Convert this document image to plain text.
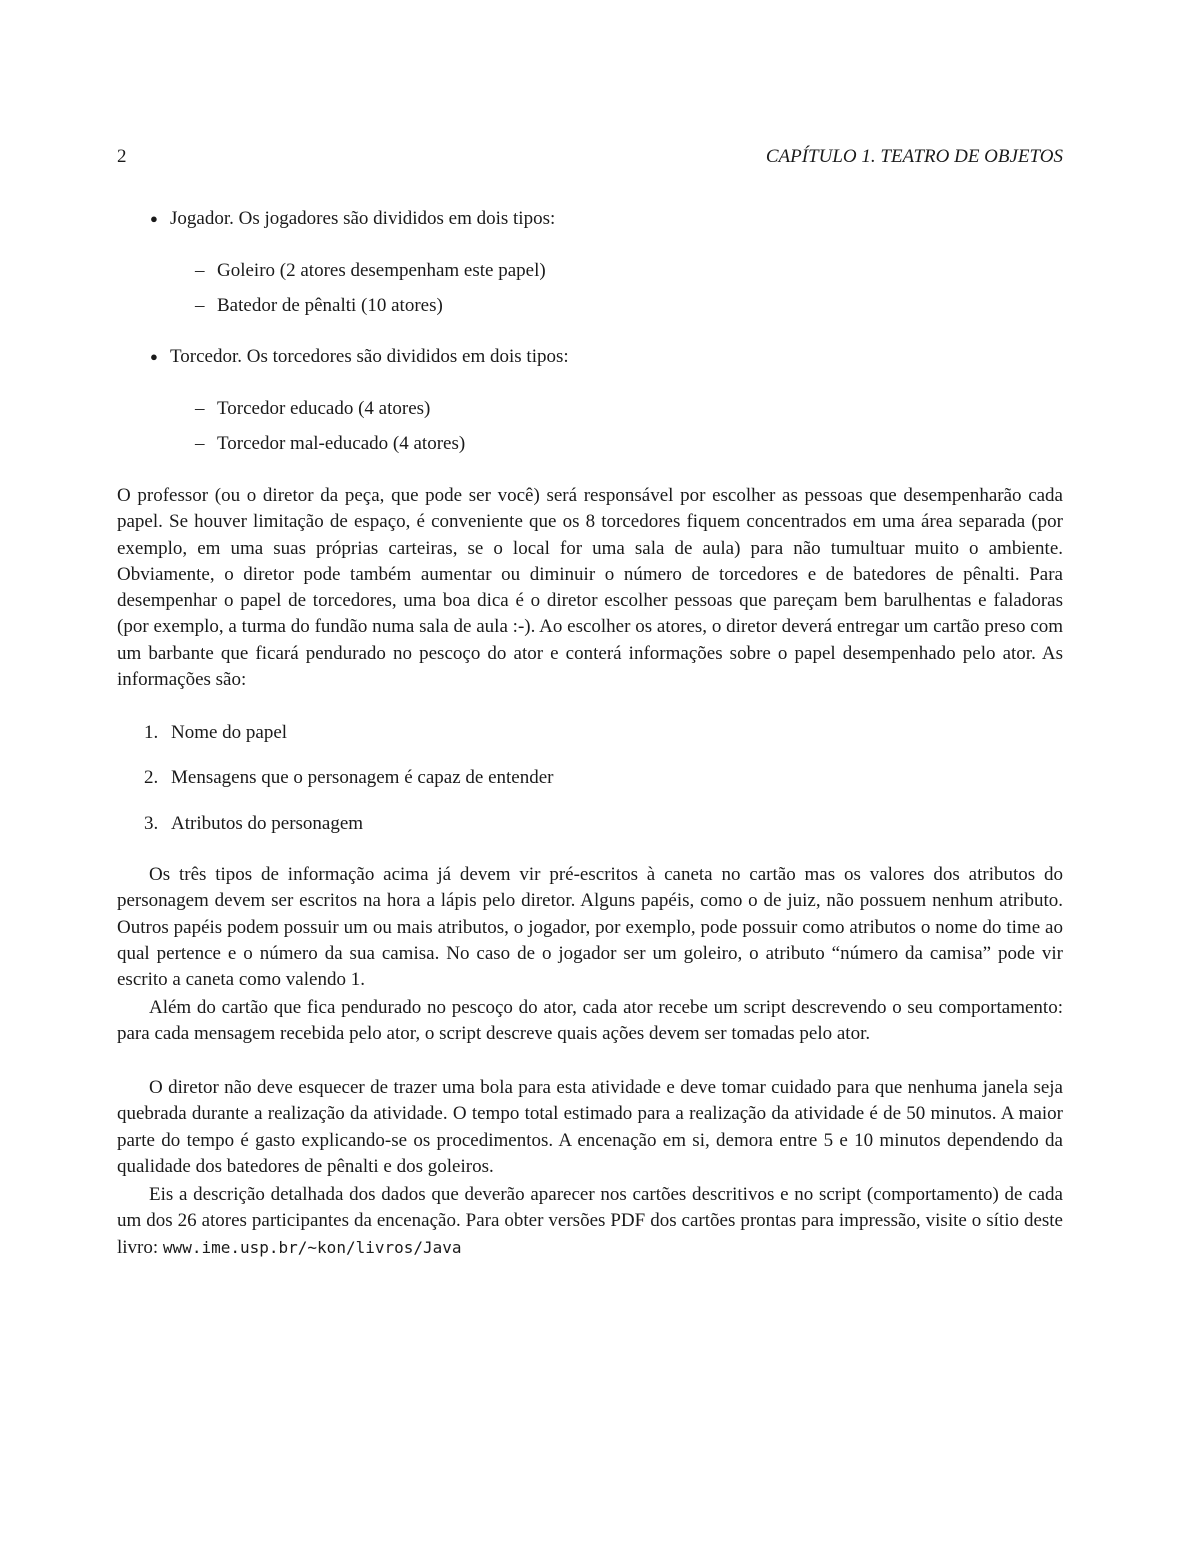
2	CAPÍTULO 1. TEATRO DE OBJETOS
● Jogador. Os jogadores são divididos em dois tipos:
– Goleiro (2 atores desempenham este papel)
– Batedor de pênalti (10 atores)
● Torcedor. Os torcedores são divididos em dois tipos:
– Torcedor educado (4 atores)
– Torcedor mal-educado (4 atores)

O professor (ou o diretor da peça, que pode ser você) será responsável por escolher as pessoas que desempenharão cada papel. Se houver limitação de espaço, é conveniente que os 8 torcedores fiquem concentrados em uma área separada (por exemplo, em uma suas próprias carteiras, se o local for uma sala de aula) para não tumultuar muito o ambiente. Obviamente, o diretor pode também aumentar ou diminuir o número de torcedores e de batedores de pênalti. Para desempenhar o papel de torcedores, uma boa dica é o diretor escolher pessoas que pareçam bem barulhentas e faladoras (por exemplo, a turma do fundão numa sala de aula :-). Ao escolher os atores, o diretor deverá entregar um cartão preso com um barbante que ficará pendurado no pescoço do ator e conterá informações sobre o papel desempenhado pelo ator. As informações são:

1. Nome do papel
2. Mensagens que o personagem é capaz de entender
3. Atributos do personagem

Os três tipos de informação acima já devem vir pré-escritos à caneta no cartão mas os valores dos atributos do personagem devem ser escritos na hora a lápis pelo diretor. Alguns papéis, como o de juiz, não possuem nenhum atributo. Outros papéis podem possuir um ou mais atributos, o jogador, por exemplo, pode possuir como atributos o nome do time ao qual pertence e o número da sua camisa. No caso de o jogador ser um goleiro, o atributo “número da camisa” pode vir escrito a caneta como valendo 1.

Além do cartão que fica pendurado no pescoço do ator, cada ator recebe um script descrevendo o seu comportamento: para cada mensagem recebida pelo ator, o script descreve quais ações devem ser tomadas pelo ator.

O diretor não deve esquecer de trazer uma bola para esta atividade e deve tomar cuidado para que nenhuma janela seja quebrada durante a realização da atividade. O tempo total estimado para a realização da atividade é de 50 minutos. A maior parte do tempo é gasto explicando-se os procedimentos. A encenação em si, demora entre 5 e 10 minutos dependendo da qualidade dos batedores de pênalti e dos goleiros.

Eis a descrição detalhada dos dados que deverão aparecer nos cartões descritivos e no script (comportamento) de cada um dos 26 atores participantes da encenação. Para obter versões PDF dos cartões prontas para impressão, visite o sítio deste livro: www.ime.usp.br/~kon/livros/Java
